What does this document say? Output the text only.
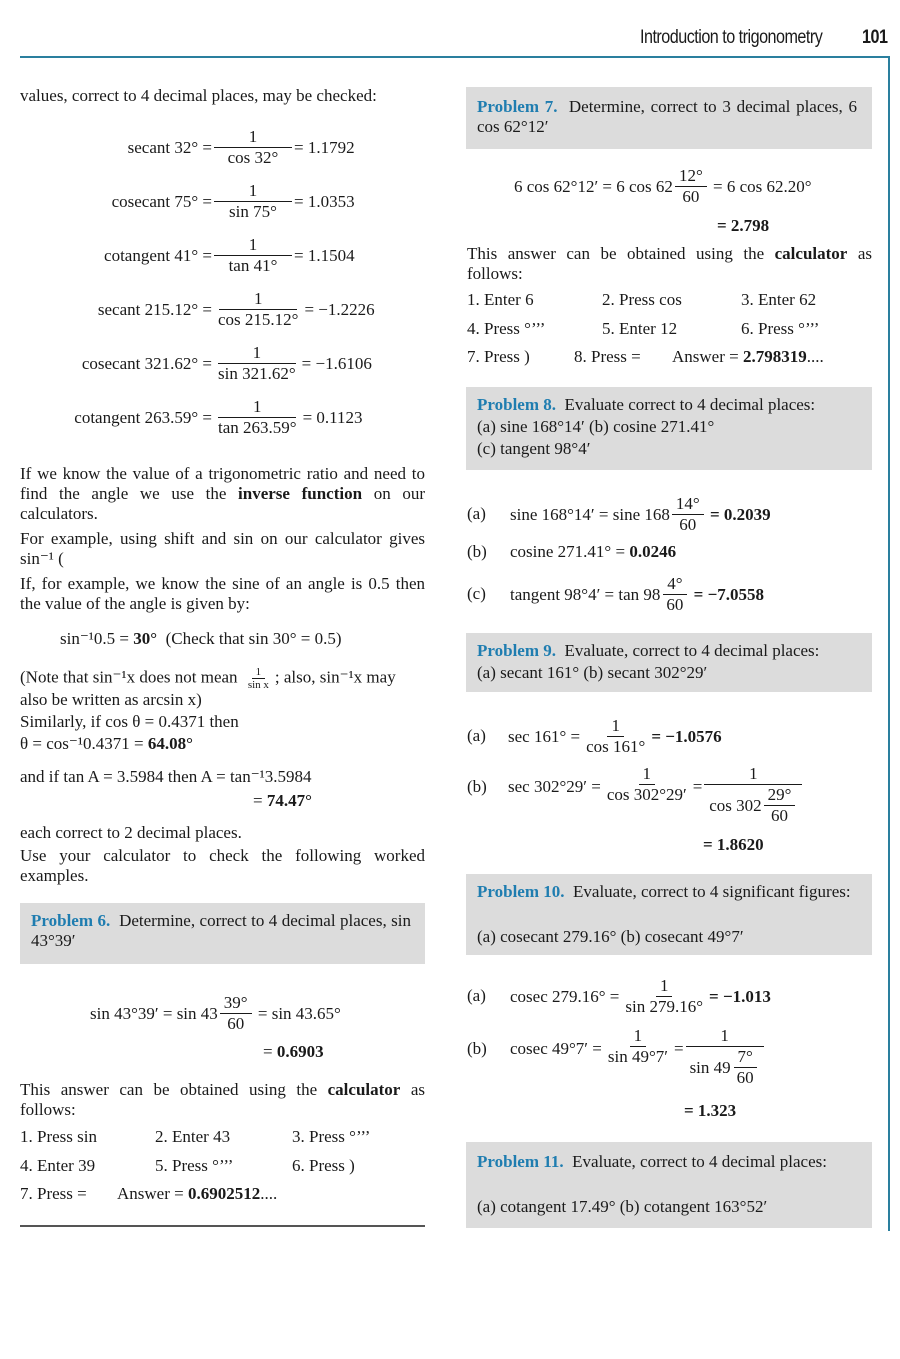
Introduction to trigonometry 101
values, correct to 4 decimal places, may be checked:
secant $32^\circ = \frac{1}{\cos 32^\circ} = 1.1792$
cosecant $75^\circ = \frac{1}{\sin 75^\circ} = 1.0353$
cotangent $41^\circ = \frac{1}{\tan 41^\circ} = 1.1504$
secant $215.12^\circ = \frac{1}{\cos 215.12^\circ} = -1.2226$
cosecant $321.62^\circ = \frac{1}{\sin 321.62^\circ} = -1.6106$
cotangent $263.59^\circ = \frac{1}{\tan 263.59^\circ} = 0.1123$
If we know the value of a trigonometric ratio and need to find the angle we use the inverse function on our calculators.
For example, using shift and sin on our calculator gives sin⁻¹ (
If, for example, we know the sine of an angle is 0.5 then the value of the angle is given by:
sin⁻¹0.5 = 30°  (Check that sin 30° = 0.5)
(Note that sin⁻¹x does not mean $\frac{1}{\text{sin x}}$ ; also, sin⁻¹x may
also be written as arcsin x)
Similarly, if cos θ = 0.4371 then
θ = cos⁻¹0.4371 = 64.08°
and if tan A = 3.5984 then A = tan⁻¹3.5984
= 74.47°
each correct to 2 decimal places.
Use your calculator to check the following worked examples.
Problem 6. Determine, correct to 4 decimal places, sin 43°39′
$\sin 43^\circ 39' = \sin 43 \frac{39^\circ}{60}$
= sin 43.65°
= 0.6903
This answer can be obtained using the calculator as follows:
1. Press sin	2. Enter 43	3. Press °’’’
4. Enter 39	5. Press °’’’	6. Press )
7. Press = Answer = 0.6902512....
Problem 7. Determine, correct to 3 decimal places, 6 cos 62°12′
6 cos 62°12′ = 6 $\cos 62 \frac{12^\circ}{60}$
= 6 cos 62.20°
= 2.798
This answer can be obtained using the calculator as follows:
1. Enter 6	2. Press cos	3. Enter 62
4. Press °’’’	5. Enter 12	6. Press °’’’
7. Press )	8. Press = Answer = 2.798319....
Problem 8. Evaluate correct to 4 decimal places:
(a) sine 168°14′ (b) cosine 271.41°
(c) tangent 98°4′
(a) sine 168°14′ = sine $168 \frac{14^\circ}{60}$
= 0.2039
(b) cosine 271.41° = 0.0246
(c) tangent $98^\circ 4' = \tan 98 \frac{4^\circ}{60}$
= −7.0558
Problem 9. Evaluate, correct to 4 decimal places:
(a) secant 161° (b) secant 302°29′
(a) $\sec 161^\circ = \frac{1}{\cos 161^\circ} = -1.0576$
(b) $\sec 302^\circ 29' = \frac{1}{\cos 302^\circ 29'} = \frac{1}{\cos 302 \frac{29^\circ}{60}}$
= 1.8620
Problem 10. Evaluate, correct to 4 significant figures:
(a) cosecant 279.16° (b) cosecant 49°7′
(a) cosec $279.16^\circ = \frac{1}{\sin 279.16^\circ} = -1.013$
(b) cosec $49^\circ 7' = \frac{1}{\sin 49^\circ 7'} = \frac{1}{\sin 49 \frac{7^\circ}{60}}$
= 1.323
Problem 11. Evaluate, correct to 4 decimal places:
(a) cotangent 17.49° (b) cotangent 163°52′
